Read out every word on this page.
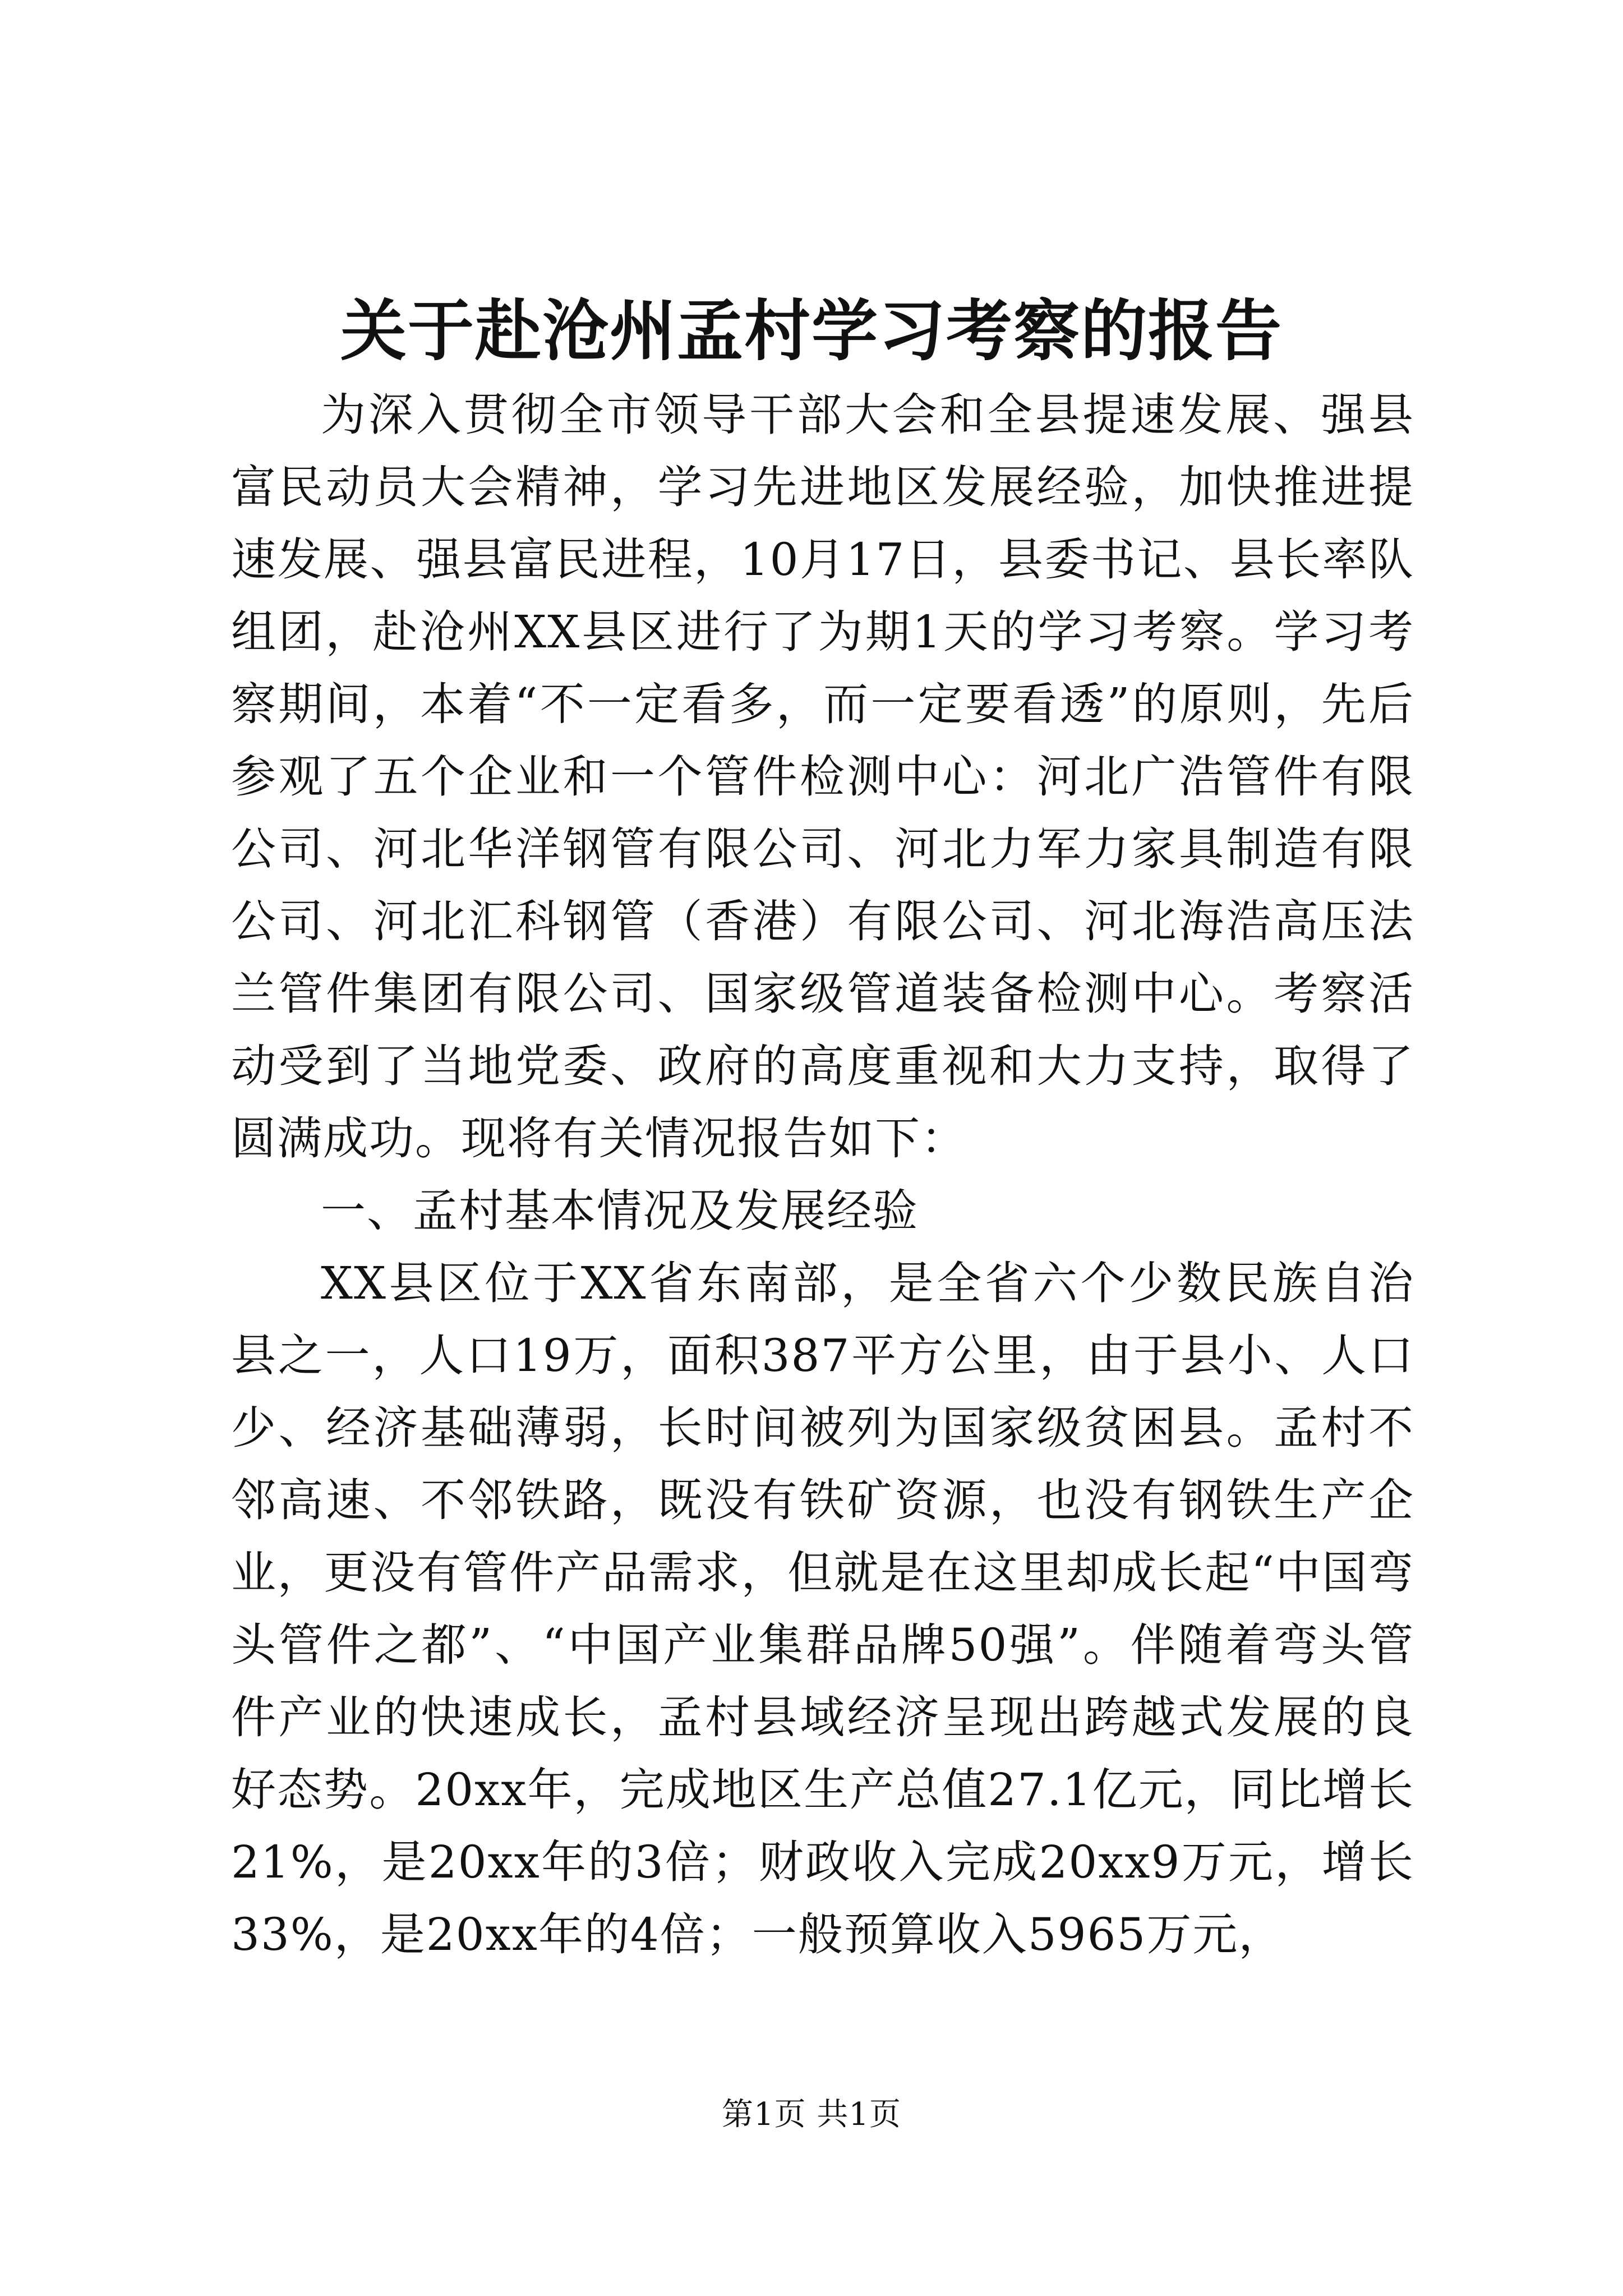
关于赴沧州孟村学习考察的报告

为深入贯彻全市领导干部大会和全县提速发展、强县富民动员大会精神，学习先进地区发展经验，加快推进提速发展、强县富民进程，10月17日，县委书记、县长率队组团，赴沧州XX县区进行了为期1天的学习考察。学习考察期间，本着“不一定看多，而一定要看透”的原则，先后参观了五个企业和一个管件检测中心：河北广浩管件有限公司、河北华洋钢管有限公司、河北力军力家具制造有限公司、河北汇科钢管（香港）有限公司、河北海浩高压法兰管件集团有限公司、国家级管道装备检测中心。考察活动受到了当地党委、政府的高度重视和大力支持，取得了圆满成功。现将有关情况报告如下：

一、孟村基本情况及发展经验

XX县区位于XX省东南部，是全省六个少数民族自治县之一，人口19万，面积387平方公里，由于县小、人口少、经济基础薄弱，长时间被列为国家级贫困县。孟村不邻高速、不邻铁路，既没有铁矿资源，也没有钢铁生产企业，更没有管件产品需求，但就是在这里却成长起“中国弯头管件之都”、“中国产业集群品牌50强”。伴随着弯头管件产业的快速成长，孟村县域经济呈现出跨越式发展的良好态势。20xx年，完成地区生产总值27.1亿元，同比增长21%，是20xx年的3倍；财政收入完成20xx9万元，增长33%，是20xx年的4倍；一般预算收入5965万元，

第1页 共1页
